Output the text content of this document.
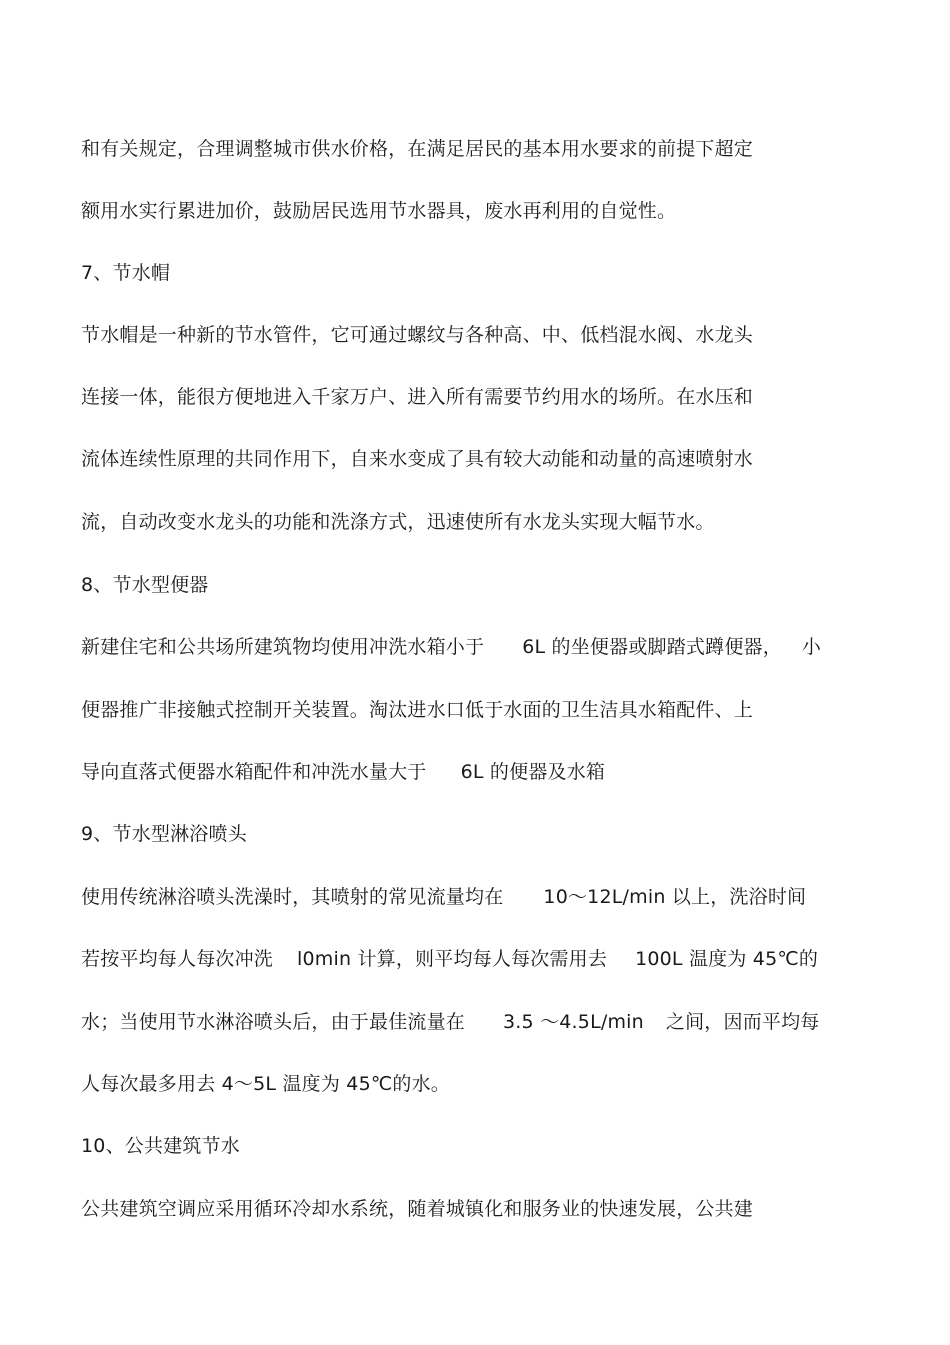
和有关规定，合理调整城市供水价格，在满足居民的基本用水要求的前提下超定
额用水实行累进加价，鼓励居民选用节水器具，废水再利用的自觉性。
7、节水帽
节水帽是一种新的节水管件，它可通过螺纹与各种高、中、低档混水阀、水龙头
连接一体，能很方便地进入千家万户、进入所有需要节约用水的场所。在水压和
流体连续性原理的共同作用下，自来水变成了具有较大动能和动量的高速喷射水
流，自动改变水龙头的功能和洗涤方式，迅速使所有水龙头实现大幅节水。
8、节水型便器
新建住宅和公共场所建筑物均使用冲洗水箱小于 6L 的坐便器或脚踏式蹲便器， 小
便器推广非接触式控制开关装置。淘汰进水口低于水面的卫生洁具水箱配件、上
导向直落式便器水箱配件和冲洗水量大于 6L 的便器及水箱
9、节水型淋浴喷头
使用传统淋浴喷头洗澡时，其喷射的常见流量均在 10～12L/min 以上，洗浴时间
若按平均每人每次冲洗 l0min 计算，则平均每人每次需用去 100L 温度为 45℃的
水；当使用节水淋浴喷头后，由于最佳流量在 3.5 ～4.5L/min 之间，因而平均每
人每次最多用去 4～5L 温度为 45℃的水。
10、公共建筑节水
公共建筑空调应采用循环冷却水系统，随着城镇化和服务业的快速发展，公共建
